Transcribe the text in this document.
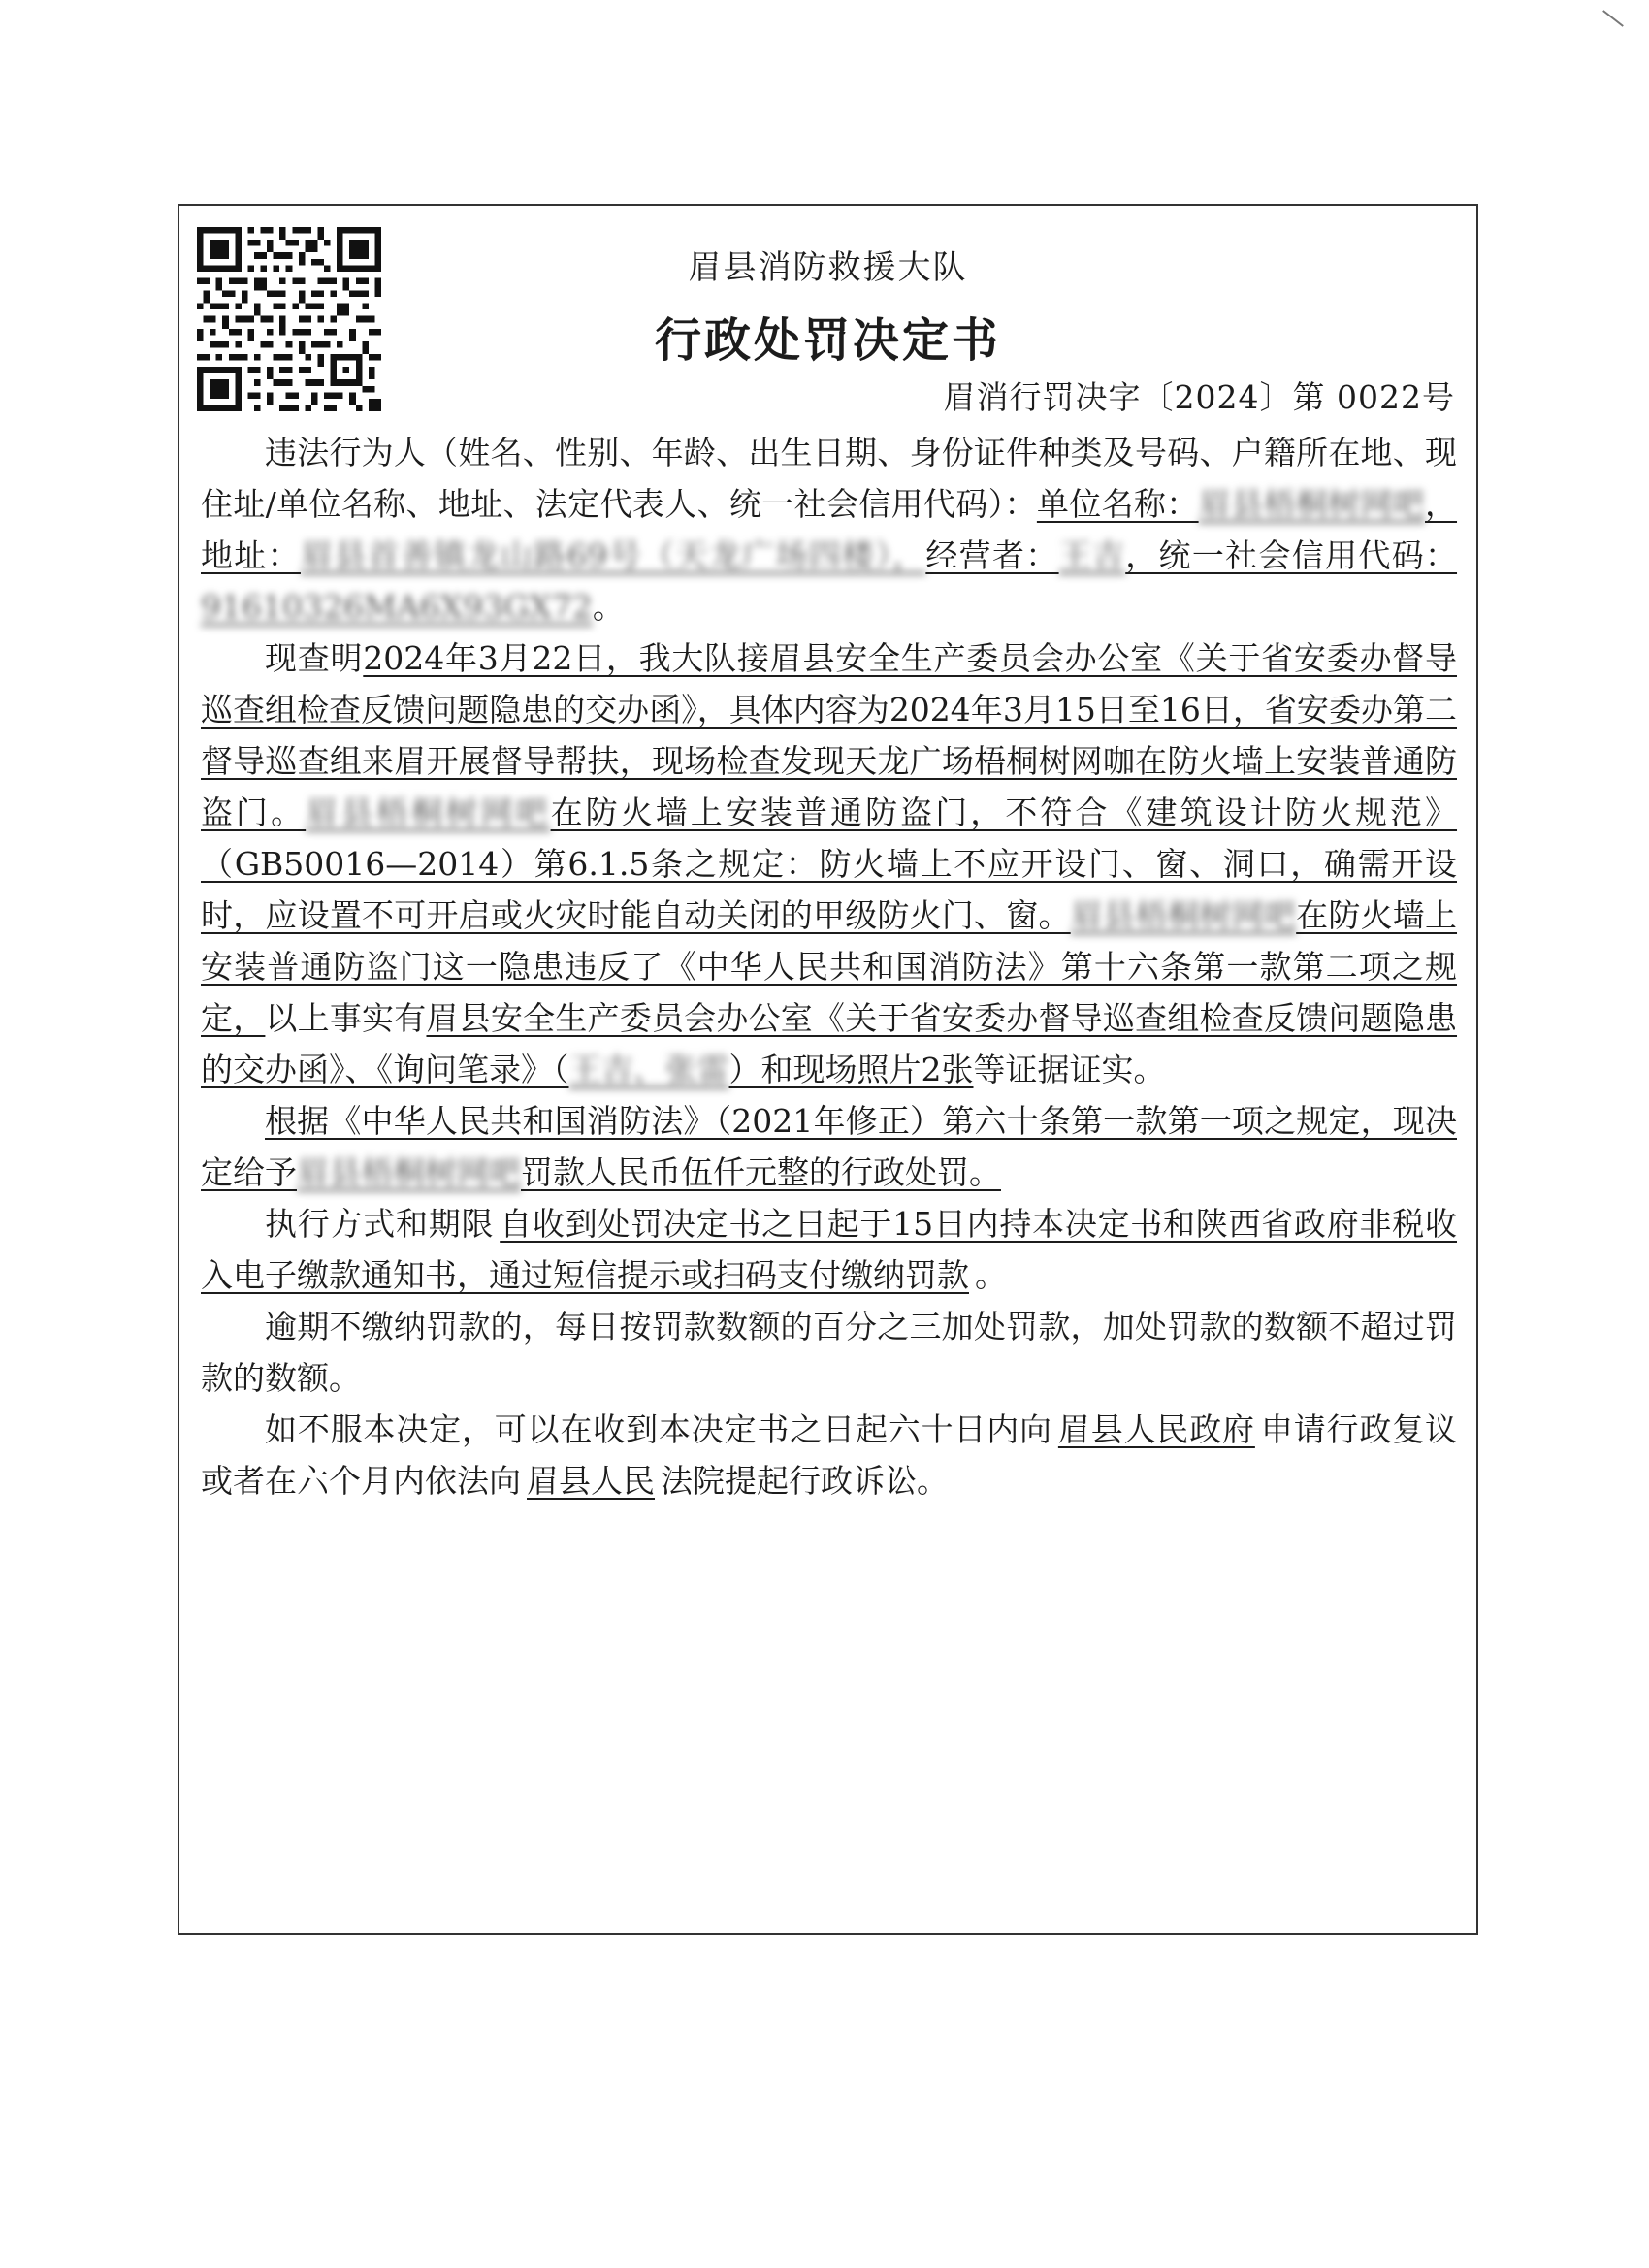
眉县消防救援大队
行政处罚决定书
眉消行罚决字〔2024〕第 0022号

违法行为人（姓名、性别、年龄、出生日期、身份证件种类及号码、户籍所在地、现住址/单位名称、地址、法定代表人、统一社会信用代码）：单位名称：眉县梧桐树网吧，地址：眉县首善镇龙山路69号（天龙广场四楼），经营者：王吉，统一社会信用代码：91610326MA6X93GX72。

现查明2024年3月22日，我大队接眉县安全生产委员会办公室《关于省安委办督导巡查组检查反馈问题隐患的交办函》，具体内容为2024年3月15日至16日，省安委办第二督导巡查组来眉开展督导帮扶，现场检查发现天龙广场梧桐树网咖在防火墙上安装普通防盗门。眉县梧桐树网吧在防火墙上安装普通防盗门，不符合《建筑设计防火规范》（GB50016—2014）第6.1.5条之规定：防火墙上不应开设门、窗、洞口，确需开设时，应设置不可开启或火灾时能自动关闭的甲级防火门、窗。眉县梧桐树网吧在防火墙上安装普通防盗门这一隐患违反了《中华人民共和国消防法》第十六条第一款第二项之规定，以上事实有眉县安全生产委员会办公室《关于省安委办督导巡查组检查反馈问题隐患的交办函》、《询问笔录》（王吉、张雷）和现场照片2张等证据证实。

根据《中华人民共和国消防法》（2021年修正）第六十条第一款第一项之规定，现决定给予眉县梧桐树网吧罚款人民币伍仟元整的行政处罚。

执行方式和期限 自收到处罚决定书之日起于15日内持本决定书和陕西省政府非税收入电子缴款通知书，通过短信提示或扫码支付缴纳罚款 。

逾期不缴纳罚款的，每日按罚款数额的百分之三加处罚款，加处罚款的数额不超过罚款的数额。

如不服本决定，可以在收到本决定书之日起六十日内向 眉县人民政府 申请行政复议或者在六个月内依法向 眉县人民 法院提起行政诉讼。
